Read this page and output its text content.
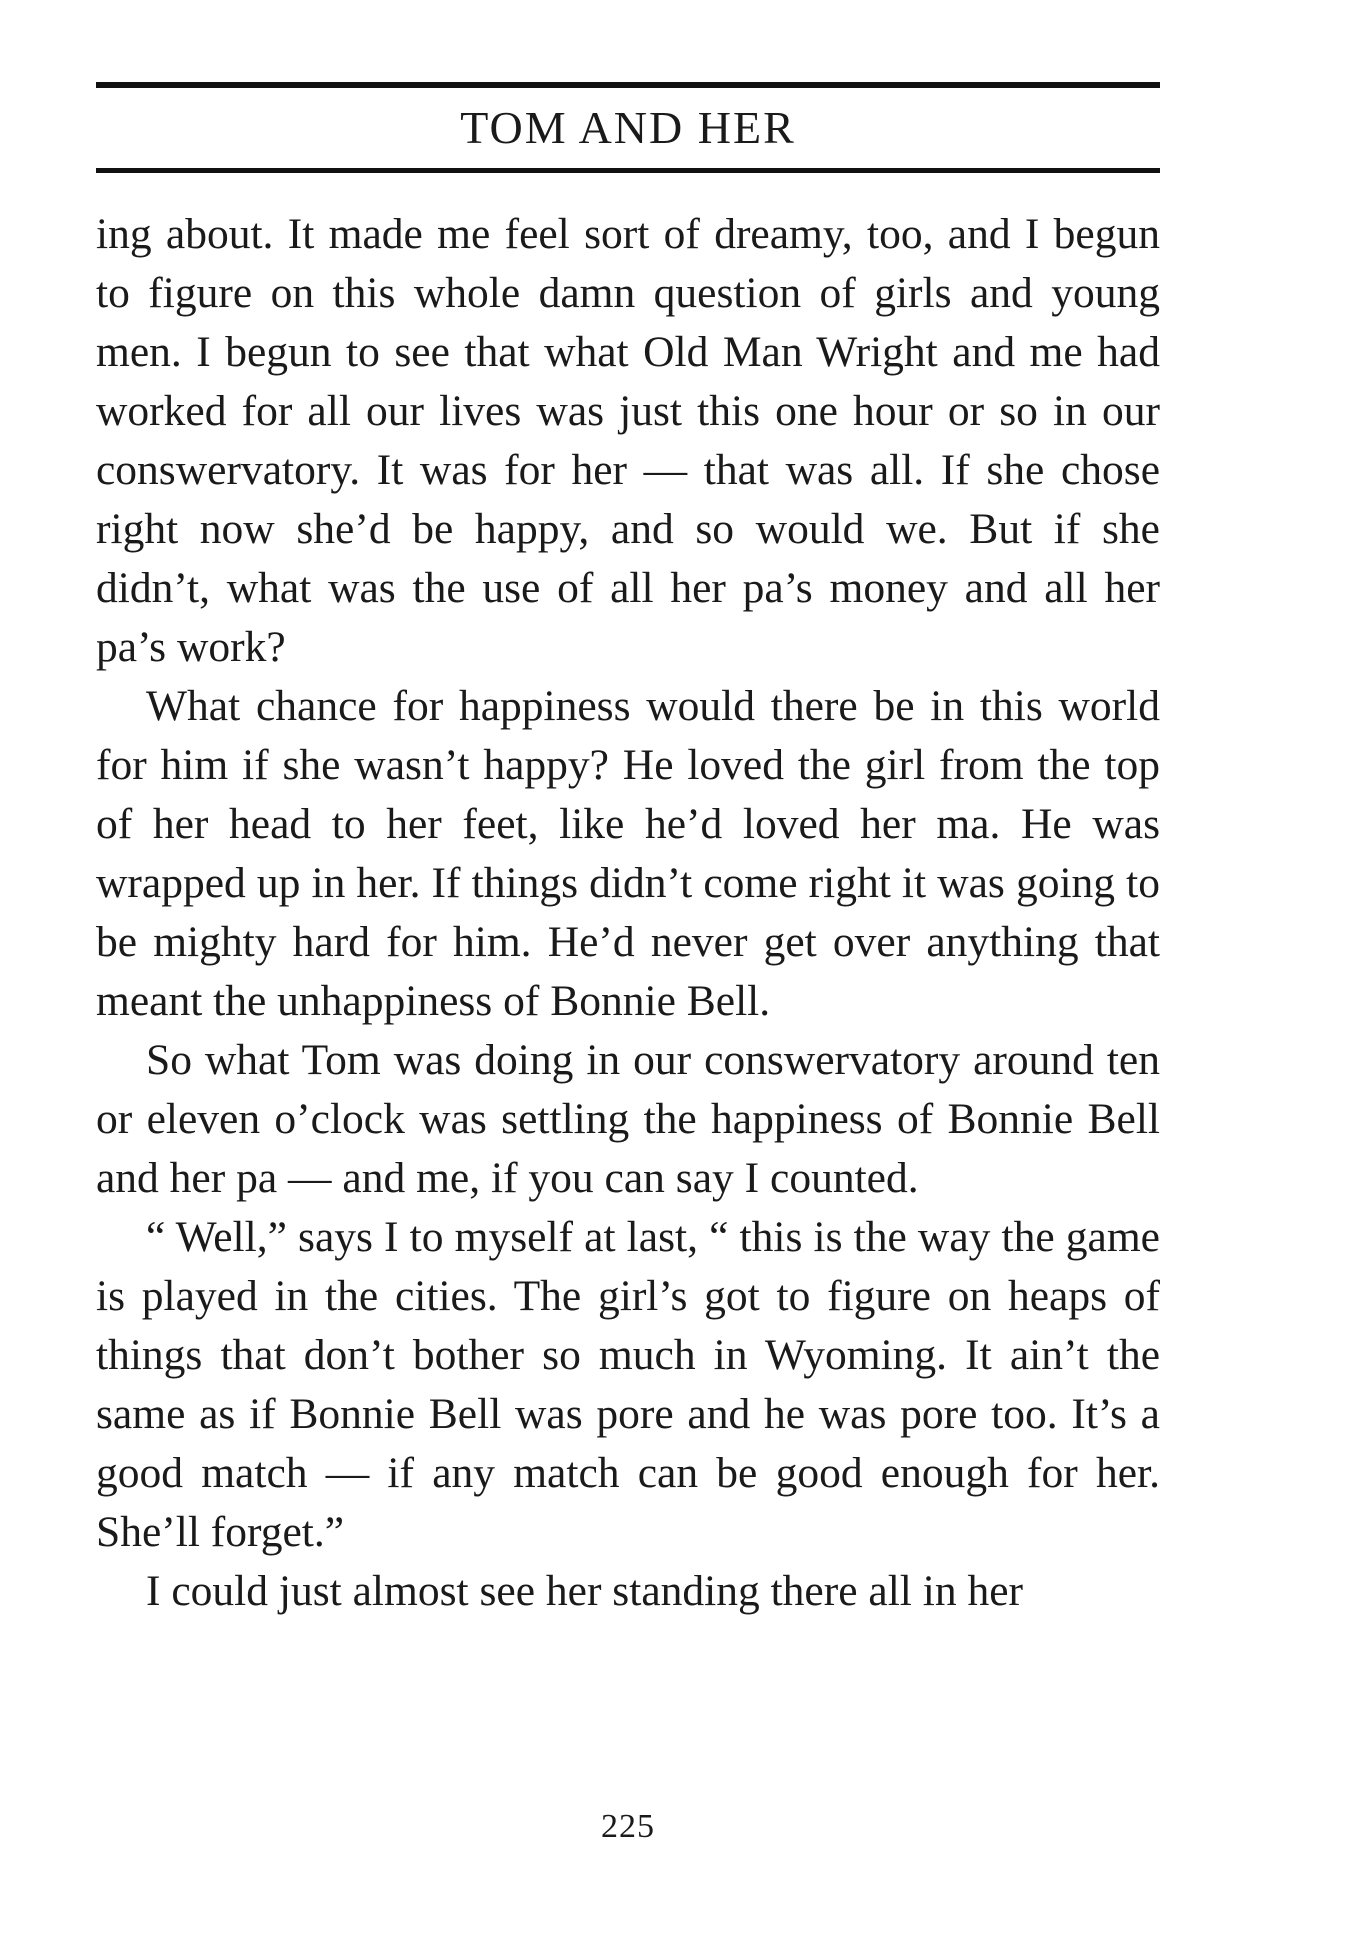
TOM AND HER

ing about. It made me feel sort of dreamy, too, and I begun to figure on this whole damn question of girls and young men. I begun to see that what Old Man Wright and me had worked for all our lives was just this one hour or so in our conswervatory. It was for her — that was all. If she chose right now she’d be happy, and so would we. But if she didn’t, what was the use of all her pa’s money and all her pa’s work?

What chance for happiness would there be in this world for him if she wasn’t happy? He loved the girl from the top of her head to her feet, like he’d loved her ma. He was wrapped up in her. If things didn’t come right it was going to be mighty hard for him. He’d never get over anything that meant the unhappiness of Bonnie Bell.

So what Tom was doing in our conswervatory around ten or eleven o’clock was settling the happiness of Bonnie Bell and her pa — and me, if you can say I counted.

“ Well,” says I to myself at last, “ this is the way the game is played in the cities. The girl’s got to figure on heaps of things that don’t bother so much in Wyoming. It ain’t the same as if Bonnie Bell was pore and he was pore too. It’s a good match — if any match can be good enough for her. She’ll forget.”

I could just almost see her standing there all in her

225
